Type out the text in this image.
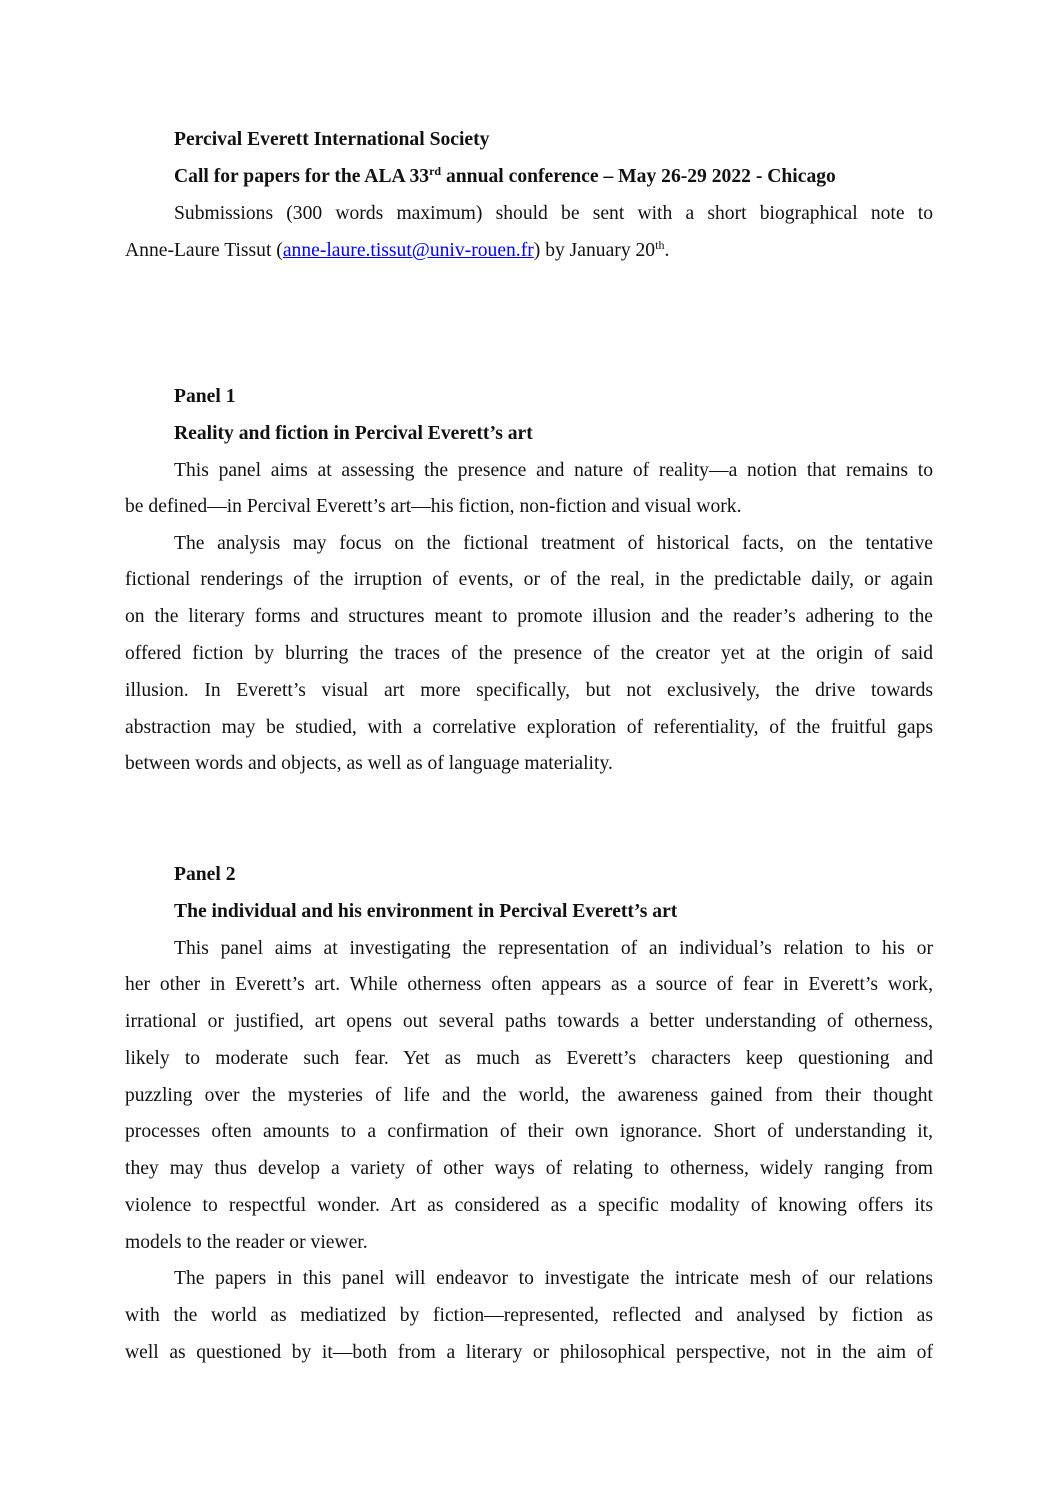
Percival Everett International Society
Call for papers for the ALA 33rd annual conference – May 26-29 2022 - Chicago
Submissions (300 words maximum) should be sent with a short biographical note to
Anne-Laure Tissut (anne-laure.tissut@univ-rouen.fr) by January 20th.
Panel 1
Reality and fiction in Percival Everett’s art
This panel aims at assessing the presence and nature of reality—a notion that remains to
be defined—in Percival Everett’s art—his fiction, non-fiction and visual work.
The analysis may focus on the fictional treatment of historical facts, on the tentative
fictional renderings of the irruption of events, or of the real, in the predictable daily, or again
on the literary forms and structures meant to promote illusion and the reader’s adhering to the
offered fiction by blurring the traces of the presence of the creator yet at the origin of said
illusion. In Everett’s visual art more specifically, but not exclusively, the drive towards
abstraction may be studied, with a correlative exploration of referentiality, of the fruitful gaps
between words and objects, as well as of language materiality.
Panel 2
The individual and his environment in Percival Everett’s art
This panel aims at investigating the representation of an individual’s relation to his or
her other in Everett’s art. While otherness often appears as a source of fear in Everett’s work,
irrational or justified, art opens out several paths towards a better understanding of otherness,
likely to moderate such fear. Yet as much as Everett’s characters keep questioning and
puzzling over the mysteries of life and the world, the awareness gained from their thought
processes often amounts to a confirmation of their own ignorance. Short of understanding it,
they may thus develop a variety of other ways of relating to otherness, widely ranging from
violence to respectful wonder. Art as considered as a specific modality of knowing offers its
models to the reader or viewer.
The papers in this panel will endeavor to investigate the intricate mesh of our relations
with the world as mediatized by fiction—represented, reflected and analysed by fiction as
well as questioned by it—both from a literary or philosophical perspective, not in the aim of
